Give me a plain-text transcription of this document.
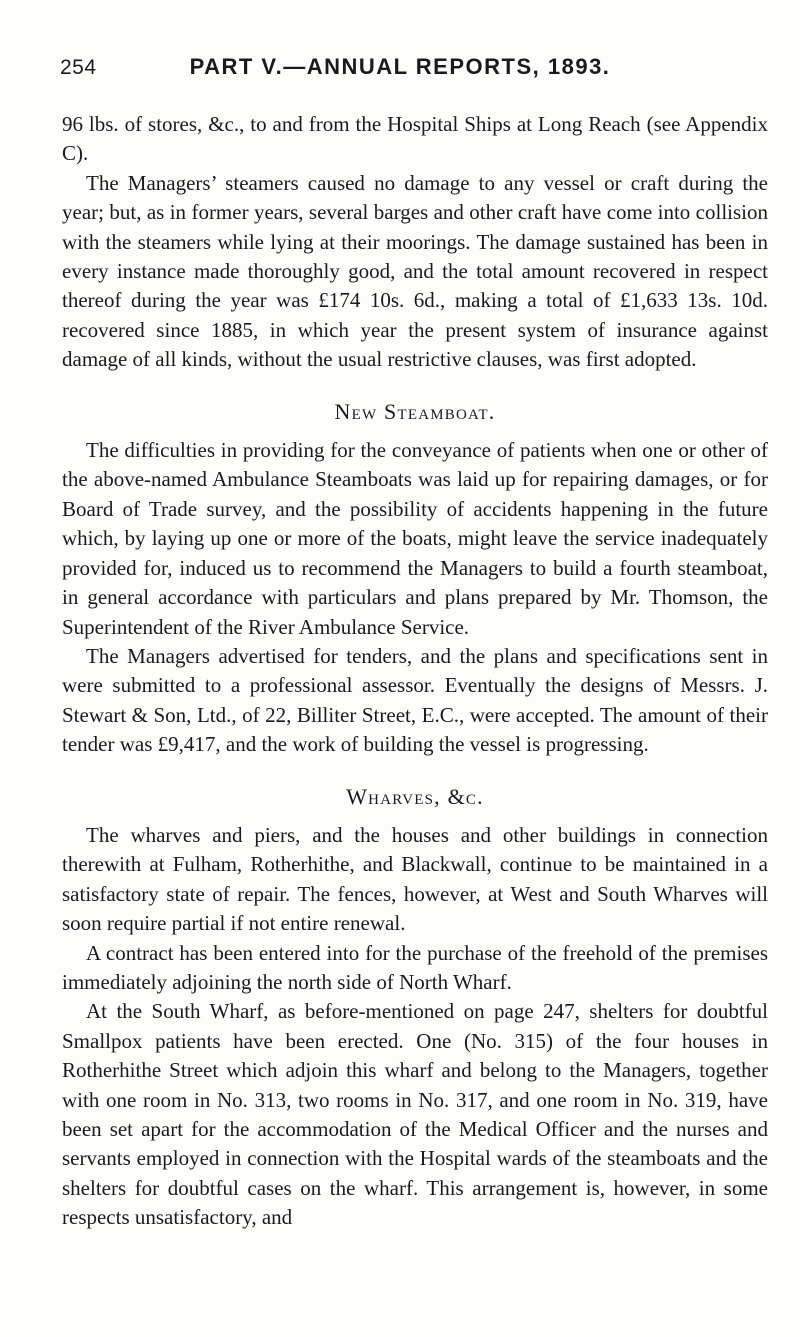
254	PART V.—ANNUAL REPORTS, 1893.

96 lbs. of stores, &c., to and from the Hospital Ships at Long Reach (see Appendix C).

The Managers’ steamers caused no damage to any vessel or craft during the year; but, as in former years, several barges and other craft have come into collision with the steamers while lying at their moorings. The damage sustained has been in every instance made thoroughly good, and the total amount recovered in respect thereof during the year was £174 10s. 6d., making a total of £1,633 13s. 10d. recovered since 1885, in which year the present system of insurance against damage of all kinds, without the usual restrictive clauses, was first adopted.

New Steamboat.

The difficulties in providing for the conveyance of patients when one or other of the above-named Ambulance Steamboats was laid up for repairing damages, or for Board of Trade survey, and the possibility of accidents happening in the future which, by laying up one or more of the boats, might leave the service inadequately provided for, induced us to recommend the Managers to build a fourth steamboat, in general accordance with particulars and plans prepared by Mr. Thomson, the Superintendent of the River Ambulance Service.

The Managers advertised for tenders, and the plans and specifications sent in were submitted to a professional assessor. Eventually the designs of Messrs. J. Stewart & Son, Ltd., of 22, Billiter Street, E.C., were accepted. The amount of their tender was £9,417, and the work of building the vessel is progressing.

Wharves, &c.

The wharves and piers, and the houses and other buildings in connection therewith at Fulham, Rotherhithe, and Blackwall, continue to be maintained in a satisfactory state of repair. The fences, however, at West and South Wharves will soon require partial if not entire renewal.

A contract has been entered into for the purchase of the freehold of the premises immediately adjoining the north side of North Wharf.

At the South Wharf, as before-mentioned on page 247, shelters for doubtful Smallpox patients have been erected. One (No. 315) of the four houses in Rotherhithe Street which adjoin this wharf and belong to the Managers, together with one room in No. 313, two rooms in No. 317, and one room in No. 319, have been set apart for the accommodation of the Medical Officer and the nurses and servants employed in connection with the Hospital wards of the steamboats and the shelters for doubtful cases on the wharf. This arrangement is, however, in some respects unsatisfactory, and
